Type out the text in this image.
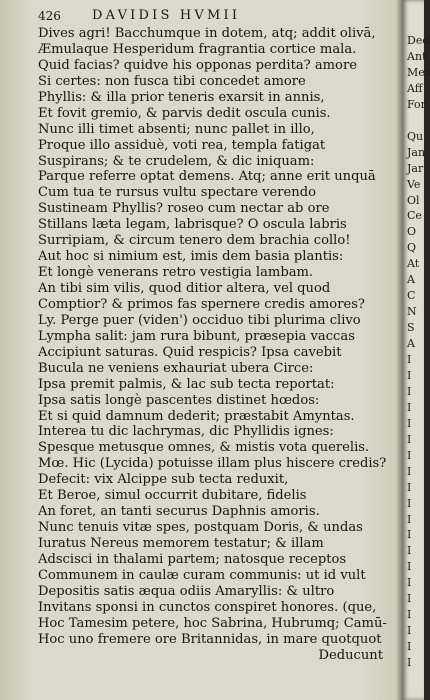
426 DAVIDIS HVMII
Dives agri! Bacchumque in dotem, atq; addit olivā,
Æmulaque Hesperidum fragrantia cortice mala.
Quid facias? quidve his opponas perdita? amore
Si certes: non fusca tibi concedet amore
Phyllis: & illa prior teneris exarsit in annis,
Et fovit gremio, & parvis dedit oscula cunis.
Nunc illi timet absenti; nunc pallet in illo,
Proque illo assiduè, voti rea, templa fatigat
Suspirans; & te crudelem, & dic iniquam:
Parque referre optat demens. Atq; anne erit unquā
Cum tua te rursus vultu spectare verendo
Sustineam Phyllis? roseo cum nectar ab ore
Stillans læta legam, labrisque? O oscula labris
Surripiam, & circum tenero dem brachia collo!
Aut hoc si nimium est, imis dem basia plantis:
Et longè venerans retro vestigia lambam.
An tibi sim vilis, quod ditior altera, vel quod
Comptior? & primos fas spernere credis amores?
Ly. Perge puer (viden') occiduo tibi plurima clivo
Lympha salit: jam rura bibunt, præsepia vaccas
Accipiunt saturas. Quid respicis? Ipsa cavebit
Bucula ne veniens exhauriat ubera Circe:
Ipsa premit palmis, & lac sub tecta reportat:
Ipsa satis longè pascentes distinet hœdos:
Et si quid damnum dederit; præstabit Amyntas.
Interea tu dic lachrymas, dic Phyllidis ignes:
Spesque metusque omnes, & mistis vota querelis.
Mœ. Hic (Lycida) potuisse illam plus hiscere credis?
Defecit: vix Alcippe sub tecta reduxit,
Et Beroe, simul occurrit dubitare, fidelis
An foret, an tanti securus Daphnis amoris.
Nunc tenuis vitæ spes, postquam Doris, & undas
Iuratus Nereus memorem testatur; & illam
Adscisci in thalami partem; natosque receptos
Communem in caulæ curam communis: ut id vult
Depositis satis æqua odiis Amaryllis: & ultro
Invitans sponsi in cunctos conspiret honores. (que,
Hoc Tamesim petere, hoc Sabrina, Hubrumq; Camū-
Hoc uno fremere ore Britannidas, in mare quotquot
Deducunt
Ded
Ant
Mes
Aff
For
Qu
Jan
Jar
Ve
Ol
Ce
O
Q
At
A
C
N
S
A
I
I
I
I
I
I
I
I
I
I
I
I
I
I
I
I
I
I
I
I
